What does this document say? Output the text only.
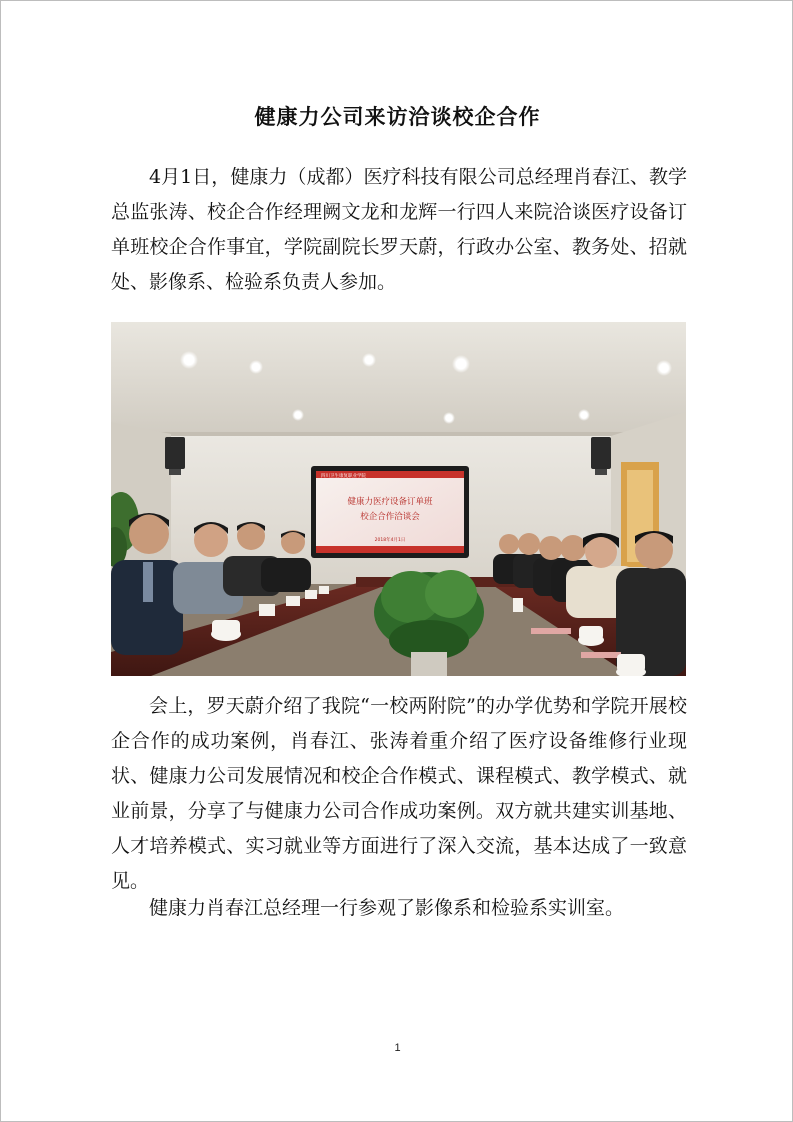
健康力公司来访洽谈校企合作

4月1日，健康力（成都）医疗科技有限公司总经理肖春江、教学总监张涛、校企合作经理阙文龙和龙辉一行四人来院洽谈医疗设备订单班校企合作事宜，学院副院长罗天蔚，行政办公室、教务处、招就处、影像系、检验系负责人参加。

四川卫生康复职业学院
健康力医疗设备订单班
校企合作洽谈会
2018年4月1日

会上，罗天蔚介绍了我院“一校两附院”的办学优势和学院开展校企合作的成功案例，肖春江、张涛着重介绍了医疗设备维修行业现状、健康力公司发展情况和校企合作模式、课程模式、教学模式、就业前景，分享了与健康力公司合作成功案例。双方就共建实训基地、人才培养模式、实习就业等方面进行了深入交流，基本达成了一致意见。

健康力肖春江总经理一行参观了影像系和检验系实训室。

1
